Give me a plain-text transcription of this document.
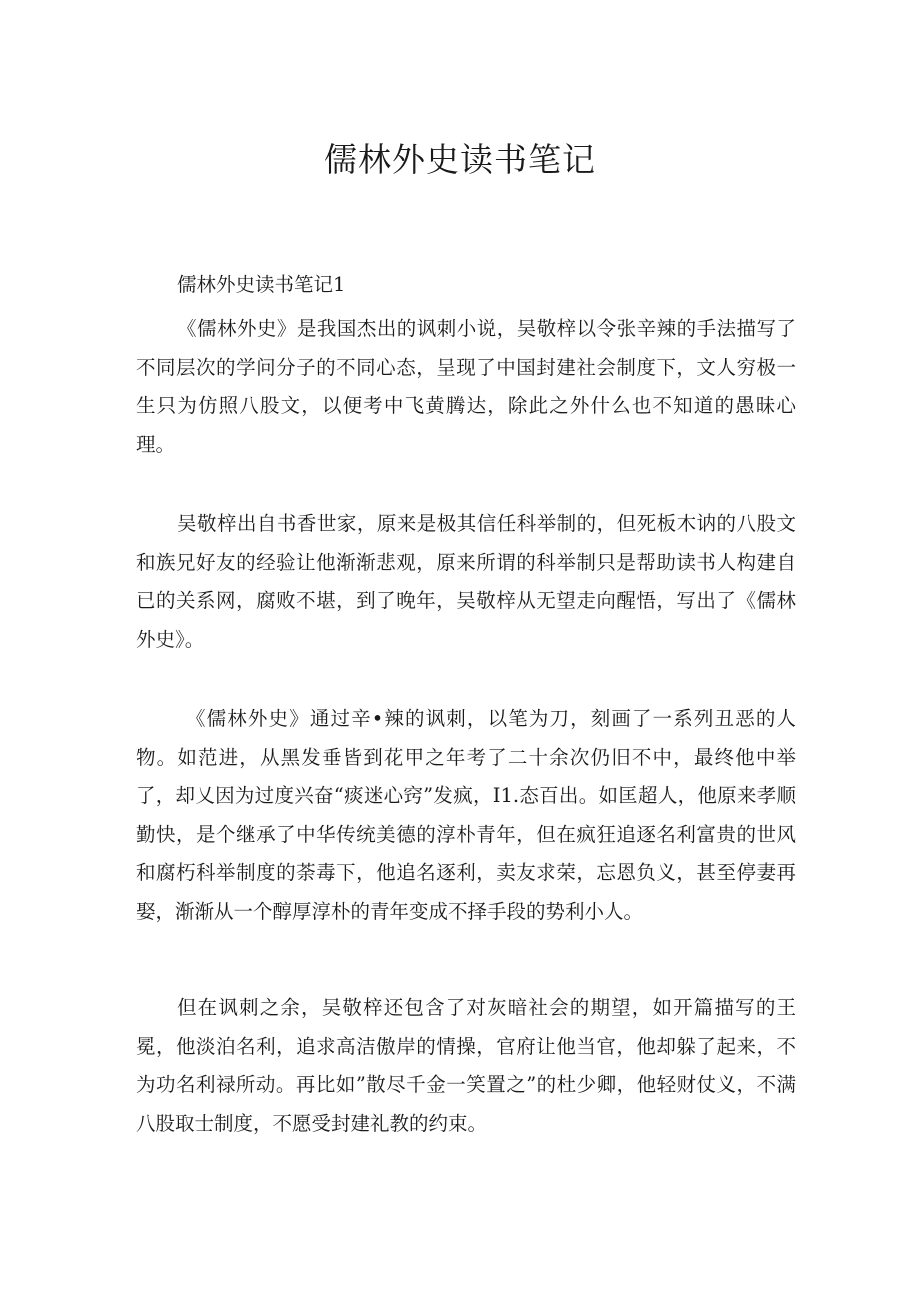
儒林外史读书笔记
儒林外史读书笔记1

《儒林外史》是我国杰出的讽刺小说，吴敬梓以令张辛辣的手法描写了不同层次的学问分子的不同心态，呈现了中国封建社会制度下，文人穷极一生只为仿照八股文，以便考中飞黄腾达，除此之外什么也不知道的愚昧心理。

吴敬梓出自书香世家，原来是极其信任科举制的，但死板木讷的八股文和族兄好友的经验让他渐渐悲观，原来所谓的科举制只是帮助读书人构建自已的关系网，腐败不堪，到了晚年，吴敬梓从无望走向醒悟，写出了《儒林外史》。

《儒林外史》通过辛•辣的讽刺，以笔为刀，刻画了一系列丑恶的人物。如范进，从黑发垂皆到花甲之年考了二十余次仍旧不中，最终他中举了，却乂因为过度兴奋“痰迷心窍”发疯，I1.态百出。如匡超人，他原来孝顺勤快，是个继承了中华传统美德的淳朴青年，但在疯狂追逐名利富贵的世风和腐朽科举制度的荼毒下，他追名逐利，卖友求荣，忘恩负义，甚至停妻再娶，渐渐从一个醇厚淳朴的青年变成不择手段的势利小人。

但在讽刺之余，吴敬梓还包含了对灰暗社会的期望，如开篇描写的王冕，他淡泊名利，追求高洁傲岸的情操，官府让他当官，他却躲了起来，不为功名利禄所动。再比如”散尽千金一笑置之”的杜少卿，他轻财仗义，不满八股取士制度，不愿受封建礼教的约束。
